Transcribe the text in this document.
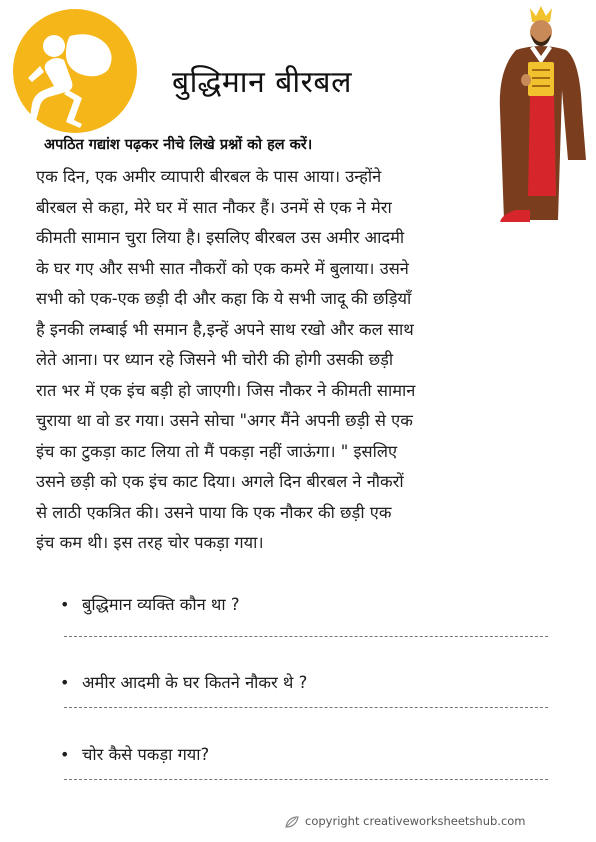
बुद्धिमान बीरबल
अपठित गद्यांश पढ़कर नीचे लिखे प्रश्नों को हल करें।
एक दिन, एक अमीर व्यापारी बीरबल के पास आया। उन्होंने
बीरबल से कहा, मेरे घर में सात नौकर हैं। उनमें से एक ने मेरा
कीमती सामान चुरा लिया है। इसलिए बीरबल उस अमीर आदमी
के घर गए और सभी सात नौकरों को एक कमरे में बुलाया। उसने
सभी को एक-एक छड़ी दी और कहा कि ये सभी जादू की छड़ियाँ
है इनकी लम्बाई भी समान है,इन्हें अपने साथ रखो और कल साथ
लेते आना। पर ध्यान रहे जिसने भी चोरी की होगी उसकी छड़ी
रात भर में एक इंच बड़ी हो जाएगी। जिस नौकर ने कीमती सामान
चुराया था वो डर गया। उसने सोचा "अगर मैंने अपनी छड़ी से एक
इंच का टुकड़ा काट लिया तो मैं पकड़ा नहीं जाऊंगा। " इसलिए
उसने छड़ी को एक इंच काट दिया। अगले दिन बीरबल ने नौकरों
से लाठी एकत्रित की। उसने पाया कि एक नौकर की छड़ी एक
इंच कम थी। इस तरह चोर पकड़ा गया।
• बुद्धिमान व्यक्ति कौन था ?
• अमीर आदमी के घर कितने नौकर थे ?
• चोर कैसे पकड़ा गया?
copyright creativeworksheetshub.com
